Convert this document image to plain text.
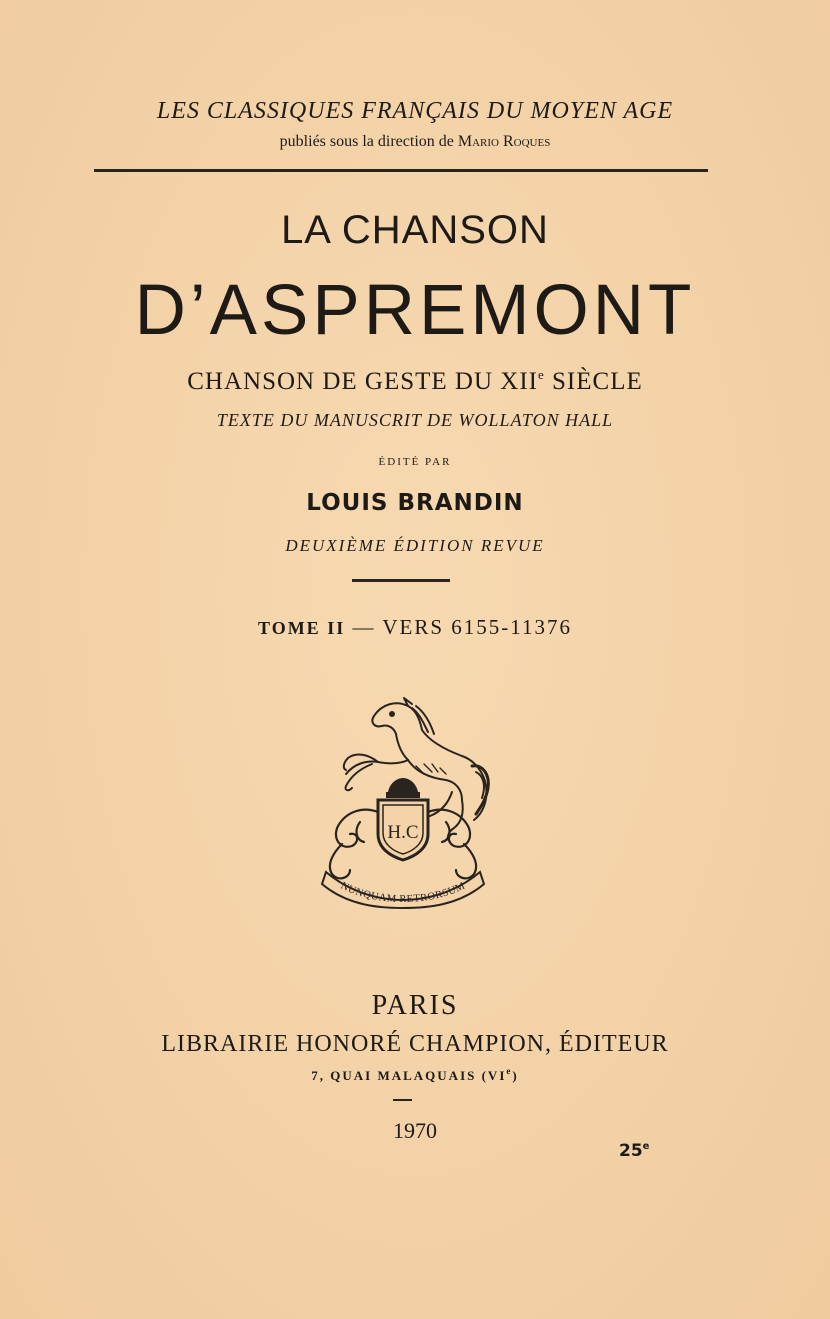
LES CLASSIQUES FRANÇAIS DU MOYEN AGE
publiés sous la direction de Mario Roques
LA CHANSON
D’ASPREMONT
CHANSON DE GESTE DU XIIe SIÈCLE
TEXTE DU MANUSCRIT DE WOLLATON HALL
ÉDITÉ PAR
LOUIS BRANDIN
DEUXIÈME ÉDITION REVUE
TOME II — VERS 6155-11376
H.C
NUNQUAM RETRORSUM
PARIS
LIBRAIRIE HONORÉ CHAMPION, ÉDITEUR
7, QUAI MALAQUAIS (VIe)
1970
25e
